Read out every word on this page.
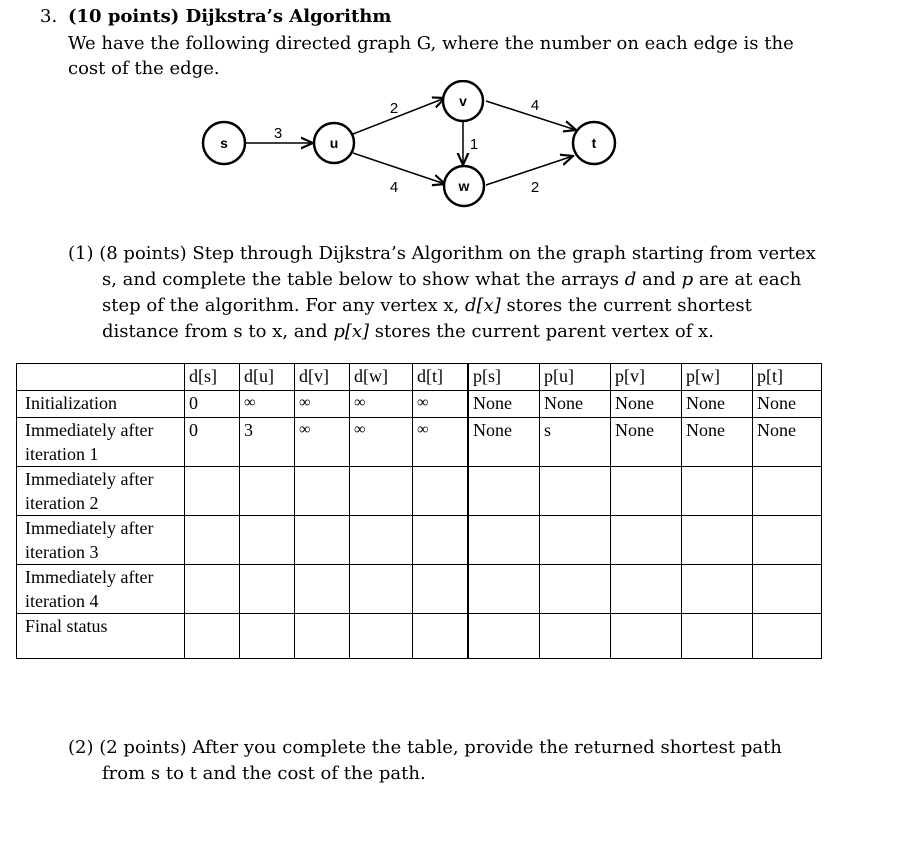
3. (10 points) Dijkstra’s Algorithm
We have the following directed graph G, where the number on each edge is the cost of the edge.
3
2
4
1
4
2
s	u
v
w
t
(1) (8 points) Step through Dijkstra’s Algorithm on the graph starting from vertex s, and complete the table below to show what the arrays d and p are at each step of the algorithm. For any vertex x, d[x] stores the current shortest distance from s to x, and p[x] stores the current parent vertex of x.
	d[s]	d[u]	d[v]	d[w]	d[t]	p[s]	p[u]	p[v]	p[w]	p[t]
Initialization	0	∞	∞	∞	∞	None	None	None	None	None
Immediately after iteration 1	0	3	∞	∞	∞	None	s	None	None	None
Immediately after iteration 2										
Immediately after iteration 3										
Immediately after iteration 4										
Final status										
(2) (2 points) After you complete the table, provide the returned shortest path from s to t and the cost of the path.
